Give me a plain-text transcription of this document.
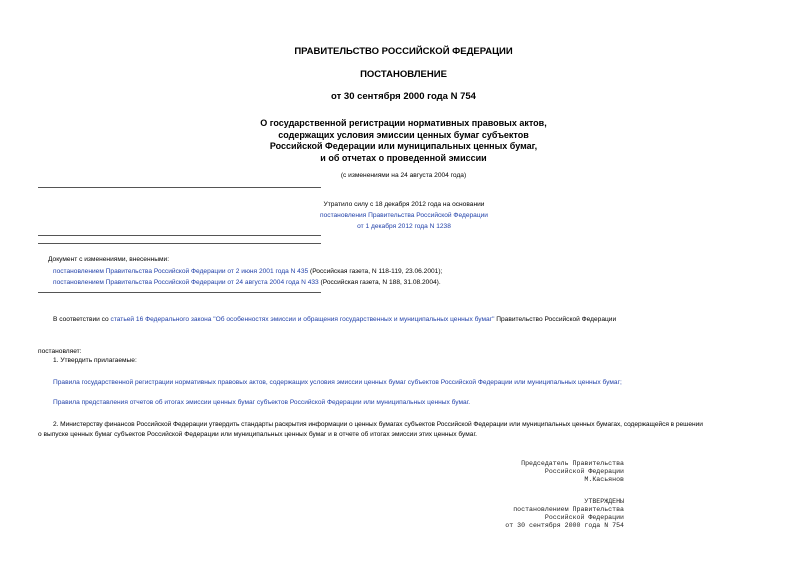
ПРАВИТЕЛЬСТВО РОССИЙСКОЙ ФЕДЕРАЦИИ
ПОСТАНОВЛЕНИЕ
от 30 сентября 2000 года N 754
О государственной регистрации нормативных правовых актов,
содержащих условия эмиссии ценных бумаг субъектов
Российской Федерации или муниципальных ценных бумаг,
и об отчетах о проведенной эмиссии
(с изменениями на 24 августа 2004 года)
Утратило силу с 18 декабря 2012 года на основании
постановления Правительства Российской Федерации
от 1 декабря 2012 года N 1238
Документ с изменениями, внесенными:
постановлением Правительства Российской Федерации от 2 июня 2001 года N 435 (Российская газета, N 118-119, 23.06.2001);
постановлением Правительства Российской Федерации от 24 августа 2004 года N 433 (Российская газета, N 188, 31.08.2004).
В соответствии со статьей 16 Федерального закона "Об особенностях эмиссии и обращения государственных и муниципальных ценных бумаг" Правительство Российской Федерации
постановляет:
1. Утвердить прилагаемые:
Правила государственной регистрации нормативных правовых актов, содержащих условия эмиссии ценных бумаг субъектов Российской Федерации или муниципальных ценных бумаг;
Правила представления отчетов об итогах эмиссии ценных бумаг субъектов Российской Федерации или муниципальных ценных бумаг.
2. Министерству финансов Российской Федерации утвердить стандарты раскрытия информации о ценных бумагах субъектов Российской Федерации или муниципальных ценных бумагах, содержащейся в решении
о выпуске ценных бумаг субъектов Российской Федерации или муниципальных ценных бумаг и в отчете об итогах эмиссии этих ценных бумаг.
Председатель Правительства
Российской Федерации
М.Касьянов
УТВЕРЖДЕНЫ
постановлением Правительства
Российской Федерации
от 30 сентября 2000 года N 754
